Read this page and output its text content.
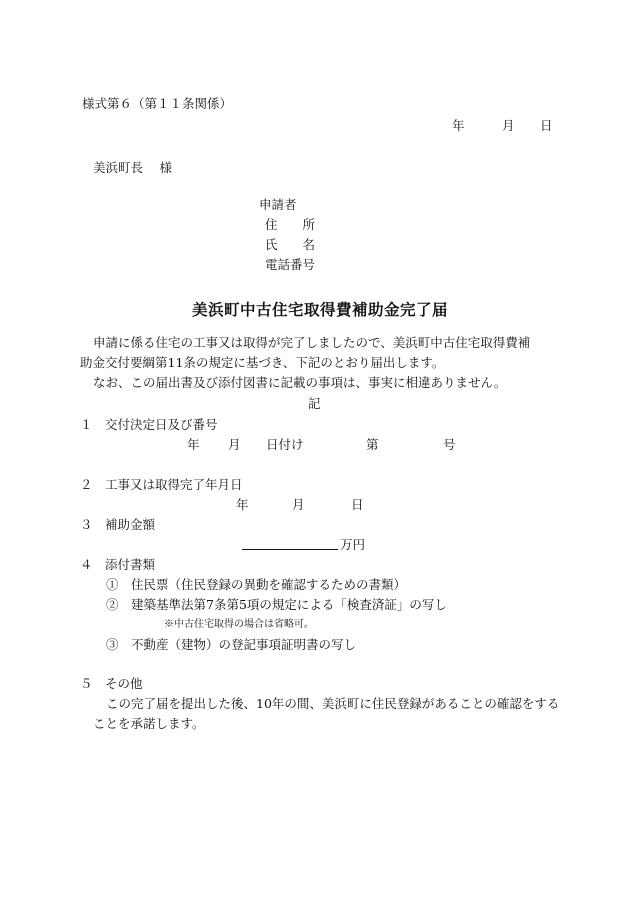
様式第６（第１１条関係）
年	月 日
美浜町長　 様
申請者
住　　所
氏　　名
電話番号
美浜町中古住宅取得費補助金完了届
申請に係る住宅の工事又は取得が完了しましたので、美浜町中古住宅取得費補
助金交付要綱第11条の規定に基づき、下記のとおり届出します。
なお、この届出書及び添付図書に記載の事項は、事実に相違ありません。
記
１　交付決定日及び番号
年 月 日付け	第	号
２　工事又は取得完了年月日
年	月	日
３　補助金額
万円
４　添付書類
①　住民票（住民登録の異動を確認するための書類）
②　建築基準法第7条第5項の規定による「検査済証」の写し
※中古住宅取得の場合は省略可。
③　不動産（建物）の登記事項証明書の写し
５　その他
この完了届を提出した後、10年の間、美浜町に住民登録があることの確認をする
ことを承諾します。
